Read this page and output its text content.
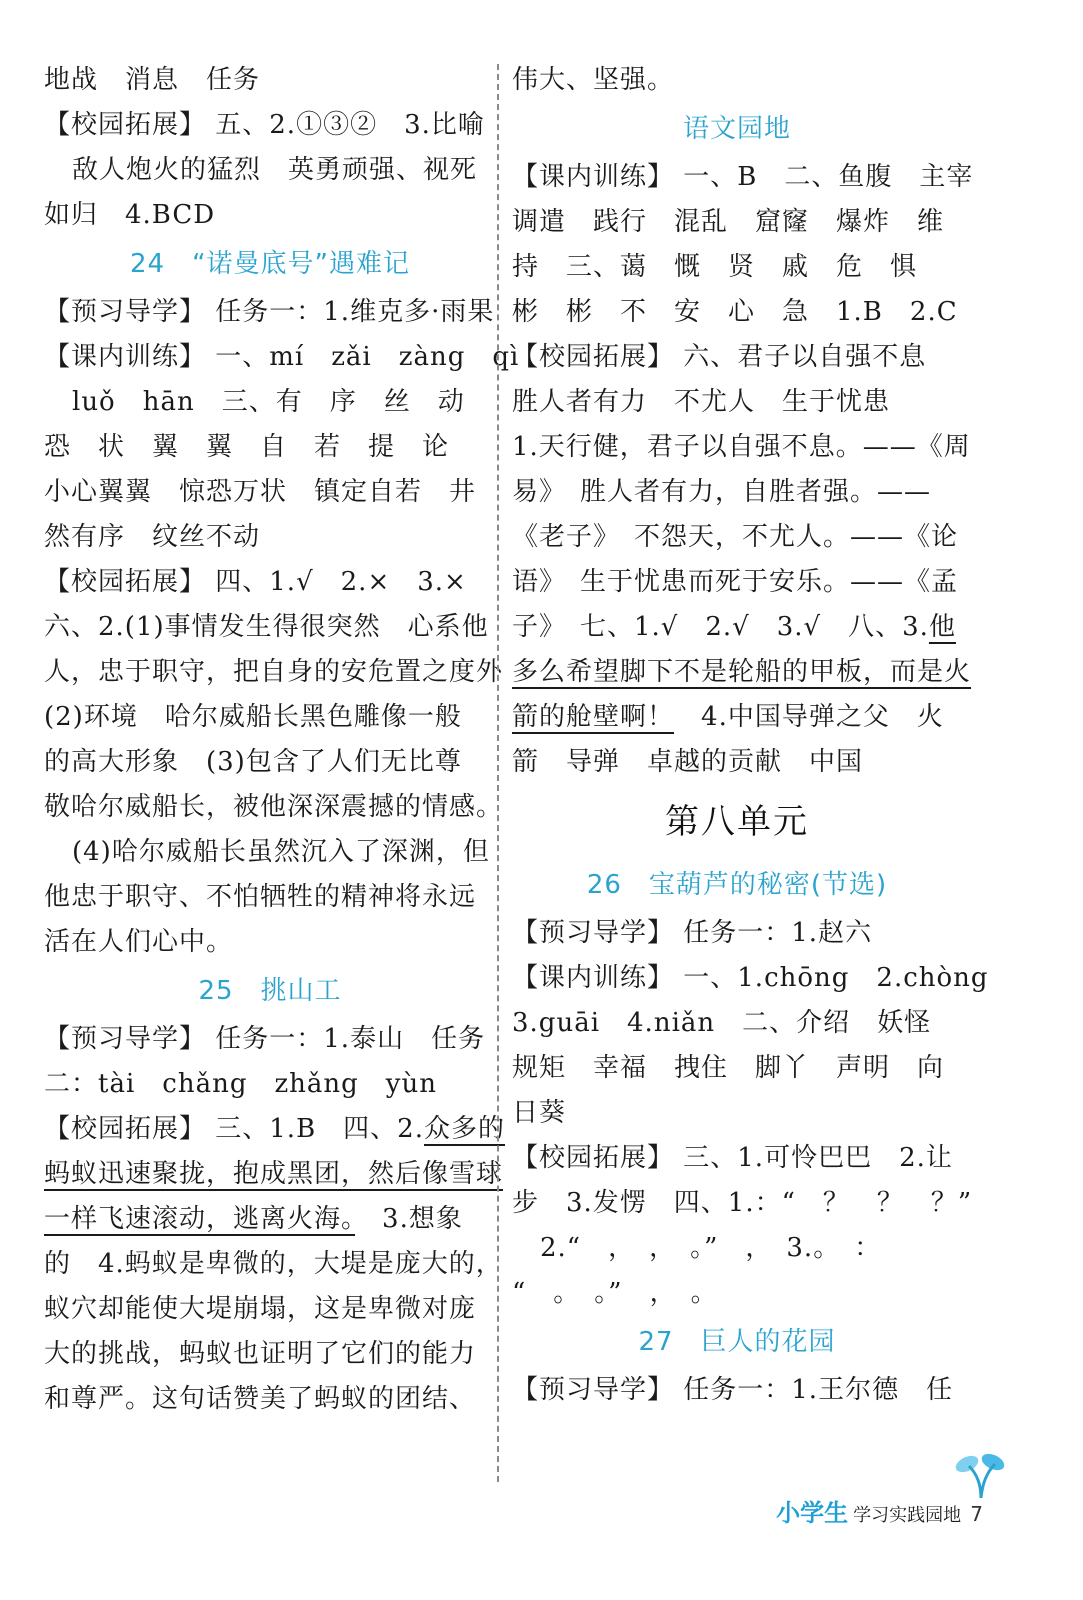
地战　消息　任务
【校园拓展】 五、2.①③②　3.比喻
敌人炮火的猛烈　英勇顽强、视死
如归　4.BCD
24　“诺曼底号”遇难记
【预习导学】 任务一：1.维克多·雨果
【课内训练】 一、mí　zǎi　zàng　qì
luǒ　hān　三、有　序　丝　动
恐　状　翼　翼　自　若　提　论
小心翼翼　惊恐万状　镇定自若　井
然有序　纹丝不动
【校园拓展】 四、1.√　2.×　3.×
六、2.(1)事情发生得很突然　心系他
人，忠于职守，把自身的安危置之度外
(2)环境　哈尔威船长黑色雕像一般
的高大形象　(3)包含了人们无比尊
敬哈尔威船长，被他深深震撼的情感。
(4)哈尔威船长虽然沉入了深渊，但
他忠于职守、不怕牺牲的精神将永远
活在人们心中。
25　挑山工
【预习导学】 任务一：1.泰山　任务
二：tài　chǎng　zhǎng　yùn
【校园拓展】 三、1.B　四、2.众多的
蚂蚁迅速聚拢，抱成黑团，然后像雪球
一样飞速滚动，逃离火海。　 3.想象
的　4.蚂蚁是卑微的，大堤是庞大的，
蚁穴却能使大堤崩塌，这是卑微对庞
大的挑战，蚂蚁也证明了它们的能力
和尊严。这句话赞美了蚂蚁的团结、
伟大、坚强。
语文园地
【课内训练】 一、B　二、鱼腹　主宰
调遣　践行　混乱　窟窿　爆炸　维
持　三、蔼　慨　贤　戚　危　惧
彬　彬　不　安　心　急　1.B　2.C
【校园拓展】 六、君子以自强不息
胜人者有力　不尤人　生于忧患
1.天行健，君子以自强不息。——《周
易》　胜人者有力，自胜者强。——
《老子》　不怨天，不尤人。——《论
语》　生于忧患而死于安乐。——《孟
子》　七、1.√　2.√　3.√　八、3.他
多么希望脚下不是轮船的甲板，而是火
箭的舱壁啊！　 4.中国导弹之父　火
箭　导弹　卓越的贡献　中国
第八单元
26　宝葫芦的秘密(节选)
【预习导学】 任务一：1.赵六
【课内训练】 一、1.chōng　2.chòng
3.guāi　4.niǎn　二、介绍　妖怪
规矩　幸福　拽住　脚丫　声明　向
日葵
【校园拓展】 三、1.可怜巴巴　2.让
步　3.发愣　四、1.：“　？　？　？”
2.“　，　，　。”　，　3.。　：
“　。　。”　，　。
27　巨人的花园
【预习导学】 任务一：1.王尔德　任
小学生 学习实践园地 7
